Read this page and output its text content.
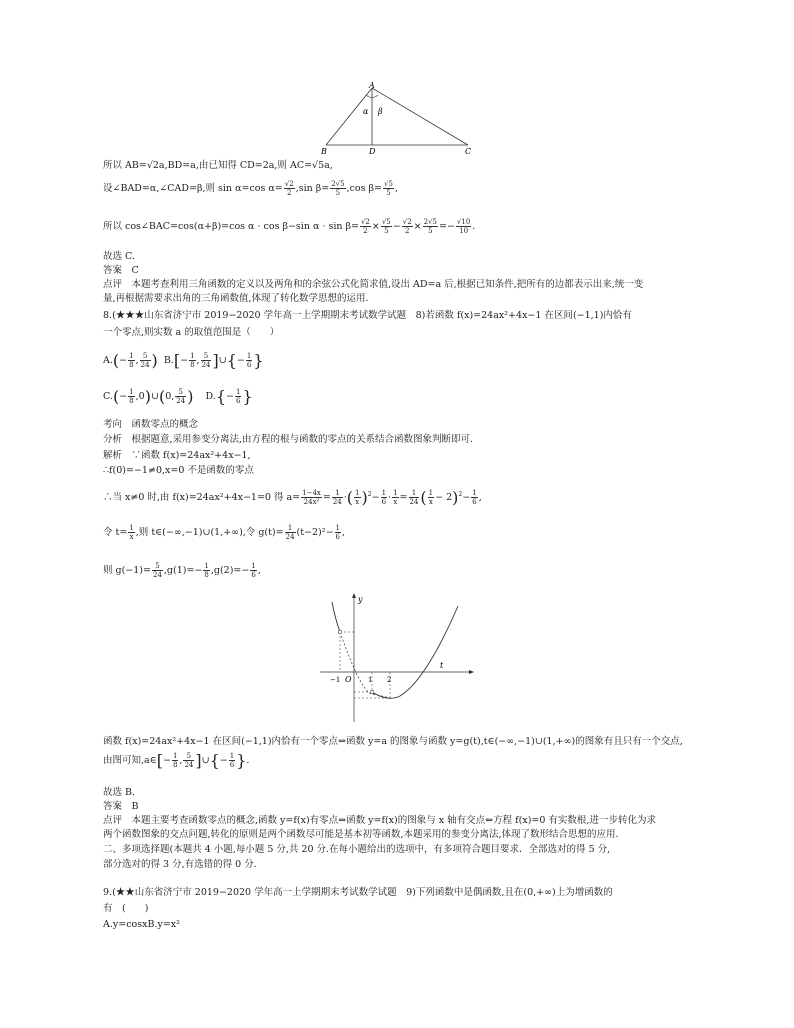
A
B	C
D
α β
所以 AB=√2a,BD=a,由已知得 CD=2a,则 AC=√5a,
设∠BAD=α,∠CAD=β,则 sin α=cos $\alpha= \frac{√2}{2} ,\sin$ $\beta= \frac{2√5}{5} ,\cos$ $\beta= \frac{√5}{5}$ ,
所以 cos∠BAC=cos(α+β)=cos α · cos β−sin $\alpha \cdot \sin \beta= \frac{√2}{2} \times \frac{√5}{5} - \frac{√2}{2} \times \frac{2√5}{5} =- \frac{√10}{10}$ .
故选 C.
答案　C
点评　本题考查利用三角函数的定义以及两角和的余弦公式化简求值,设出 AD=a 后,根据已知条件,把所有的边都表示出来,统一变
量,再根据需要求出角的三角函数值,体现了转化数学思想的运用.
8.(★★★山东省济宁市 2019−2020 学年高一上学期期末考试数学试题　8)若函数 f(x)=24ax²+4x−1 在区间(−1,1)内恰有
一个零点,则实数 a 的取值范围是（　　）
$A.(- \frac{1}{8}$ , $\frac{5}{24}$ ) $B.[- \frac{1}{8}$ , $\frac{5}{24}$ ]∪{− $\frac{1}{6}$ }
$C.(- \frac{1}{8}$ ,0)∪(0, $\frac{5}{24}$ ) $D.\{- \frac{1}{6}$ }
考向　函数零点的概念
分析　根据题意,采用参变分离法,由方程的根与函数的零点的关系结合函数图象判断即可.
解析　∵函数 f(x)=24ax²+4x−1,
∴f(0)=−1≠0,x=0 不是函数的零点
∴当 x≠0 时,由 f(x)=24ax²+4x−1=0 得 $a= \frac{1-4x}{\text{24x²}} = \frac{1}{24}$ ·( $\frac{1}{x} )^2- \frac{1}{6} \cdot \frac{1}{x} = \frac{1}{24}$ ( $\frac{1}{x} - 2)^2- \frac{1}{6}$ ,
令 $t= \frac{1}{x}$ ,则 t∈(−∞,−1)∪(1,+∞),令 $g(t)= \frac{1}{24} (t-2)^2- \frac{1}{6}$ ,
则 $g(-1)= \frac{5}{24} ,g(1)=- \frac{1}{8} ,g(2)=- \frac{1}{6}$ ,
y
t
O
−1	1 2
函数 f(x)=24ax²+4x−1 在区间(−1,1)内恰有一个零点⇔函数 y=a 的图象与函数 y=g(t),t∈(−∞,−1)∪(1,+∞)的图象有且只有一个交点,
由图可知,a∈[− $\frac{1}{8}$ , $\frac{5}{24}$ ]∪{− $\frac{1}{6}$ }.
故选 B.
答案　B
点评　本题主要考查函数零点的概念,函数 y=f(x)有零点⇔函数 y=f(x)的图象与 x 轴有交点⇔方程 f(x)=0 有实数根,进一步转化为求
两个函数图象的交点问题,转化的原则是两个函数尽可能是基本初等函数,本题采用的参变分离法,体现了数形结合思想的应用.
二、多项选择题(本题共 4 小题,每小题 5 分,共 20 分.在每小题给出的选项中，有多项符合题目要求．全部选对的得 5 分,
部分选对的得 3 分,有选错的得 0 分.
9.(★★山东省济宁市 2019−2020 学年高一上学期期末考试数学试题　9)下列函数中是偶函数,且在(0,+∞)上为增函数的
有　(　　)
A.y=cosxB.y=x²
